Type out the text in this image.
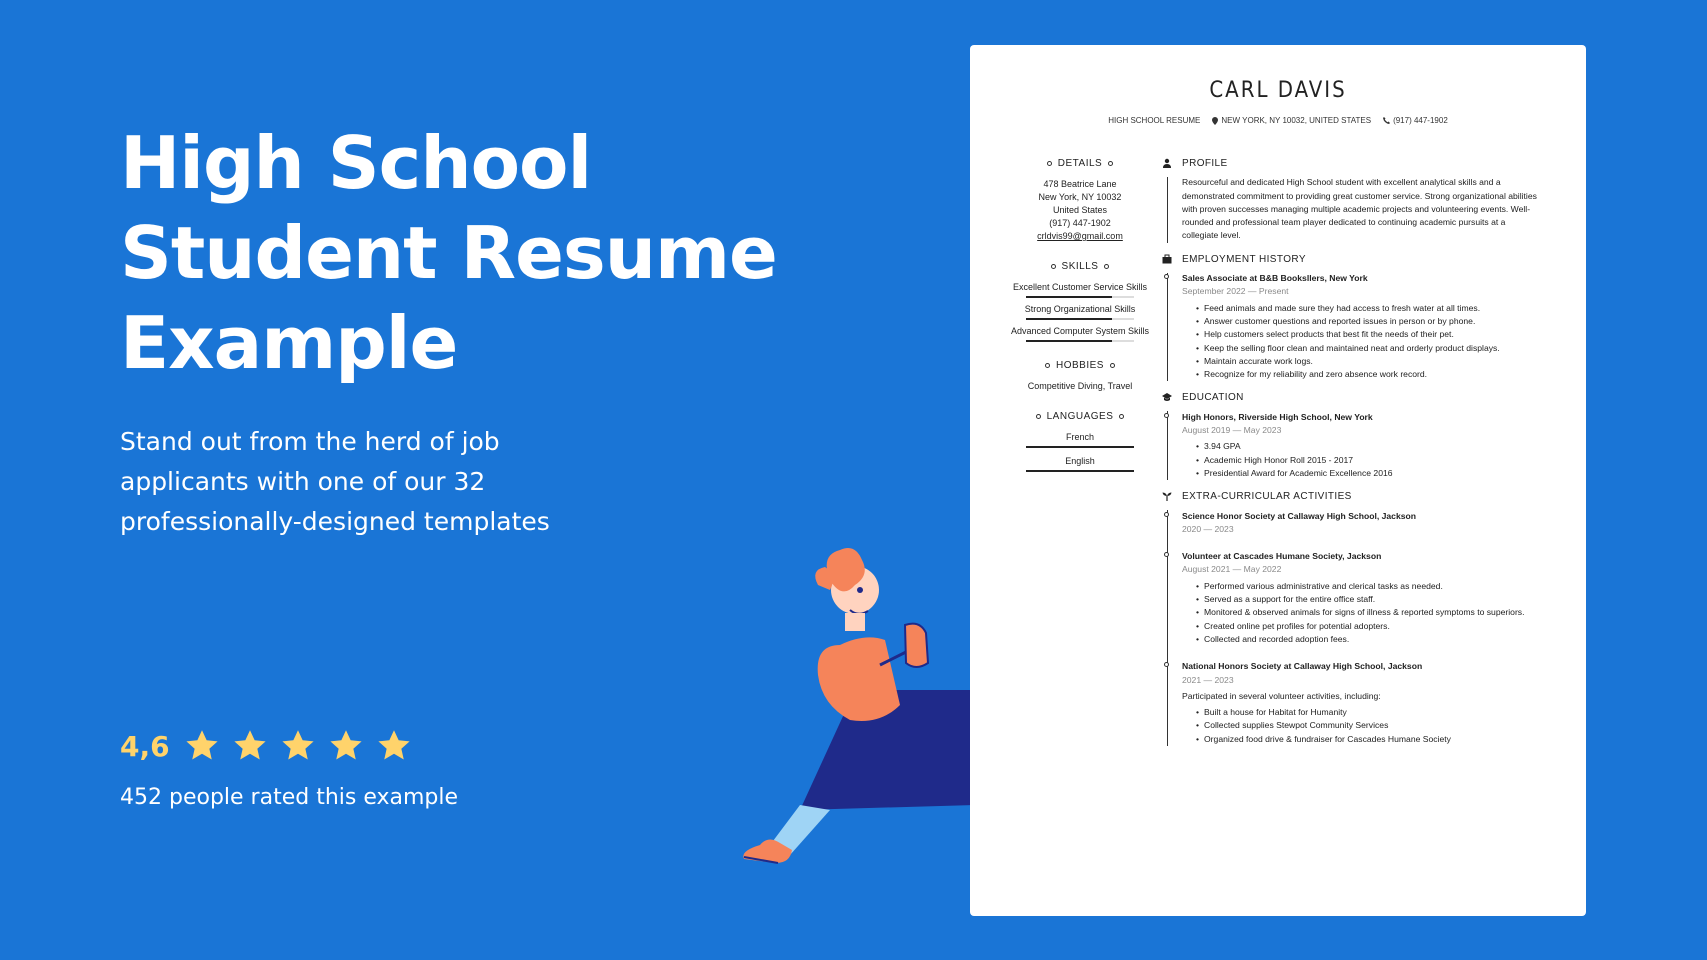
High School Student Resume Example
Stand out from the herd of job applicants with one of our 32 professionally-designed templates
4,6
452 people rated this example
CARL DAVIS
HIGH SCHOOL RESUME	NEW YORK, NY 10032, UNITED STATES	(917) 447-1902
DETAILS
478 Beatrice Lane
New York, NY 10032
United States
(917) 447-1902
crldvis99@gmail.com
SKILLS
Excellent Customer Service Skills
Strong Organizational Skills
Advanced Computer System Skills
HOBBIES
Competitive Diving, Travel
LANGUAGES
French
English
PROFILE
Resourceful and dedicated High School student with excellent analytical skills and a demonstrated commitment to providing great customer service. Strong organizational abilities with proven successes managing multiple academic projects and volunteering events. Well-rounded and professional team player dedicated to continuing academic pursuits at a collegiate level.
EMPLOYMENT HISTORY
Sales Associate at B&B Booksllers, New York
September 2022 — Present
• Feed animals and made sure they had access to fresh water at all times.
• Answer customer questions and reported issues in person or by phone.
• Help customers select products that best fit the needs of their pet.
• Keep the selling floor clean and maintained neat and orderly product displays.
• Maintain accurate work logs.
• Recognize for my reliability and zero absence work record.
EDUCATION
High Honors, Riverside High School, New York
August 2019 — May 2023
• 3.94 GPA
• Academic High Honor Roll 2015 - 2017
• Presidential Award for Academic Excellence 2016
EXTRA-CURRICULAR ACTIVITIES
Science Honor Society at Callaway High School, Jackson
2020 — 2023
Volunteer at Cascades Humane Society, Jackson
August 2021 — May 2022
• Performed various administrative and clerical tasks as needed.
• Served as a support for the entire office staff.
• Monitored & observed animals for signs of illness & reported symptoms to superiors.
• Created online pet profiles for potential adopters.
• Collected and recorded adoption fees.
National Honors Society at Callaway High School, Jackson
2021 — 2023
Participated in several volunteer activities, including:
• Built a house for Habitat for Humanity
• Collected supplies Stewpot Community Services
• Organized food drive & fundraiser for Cascades Humane Society
